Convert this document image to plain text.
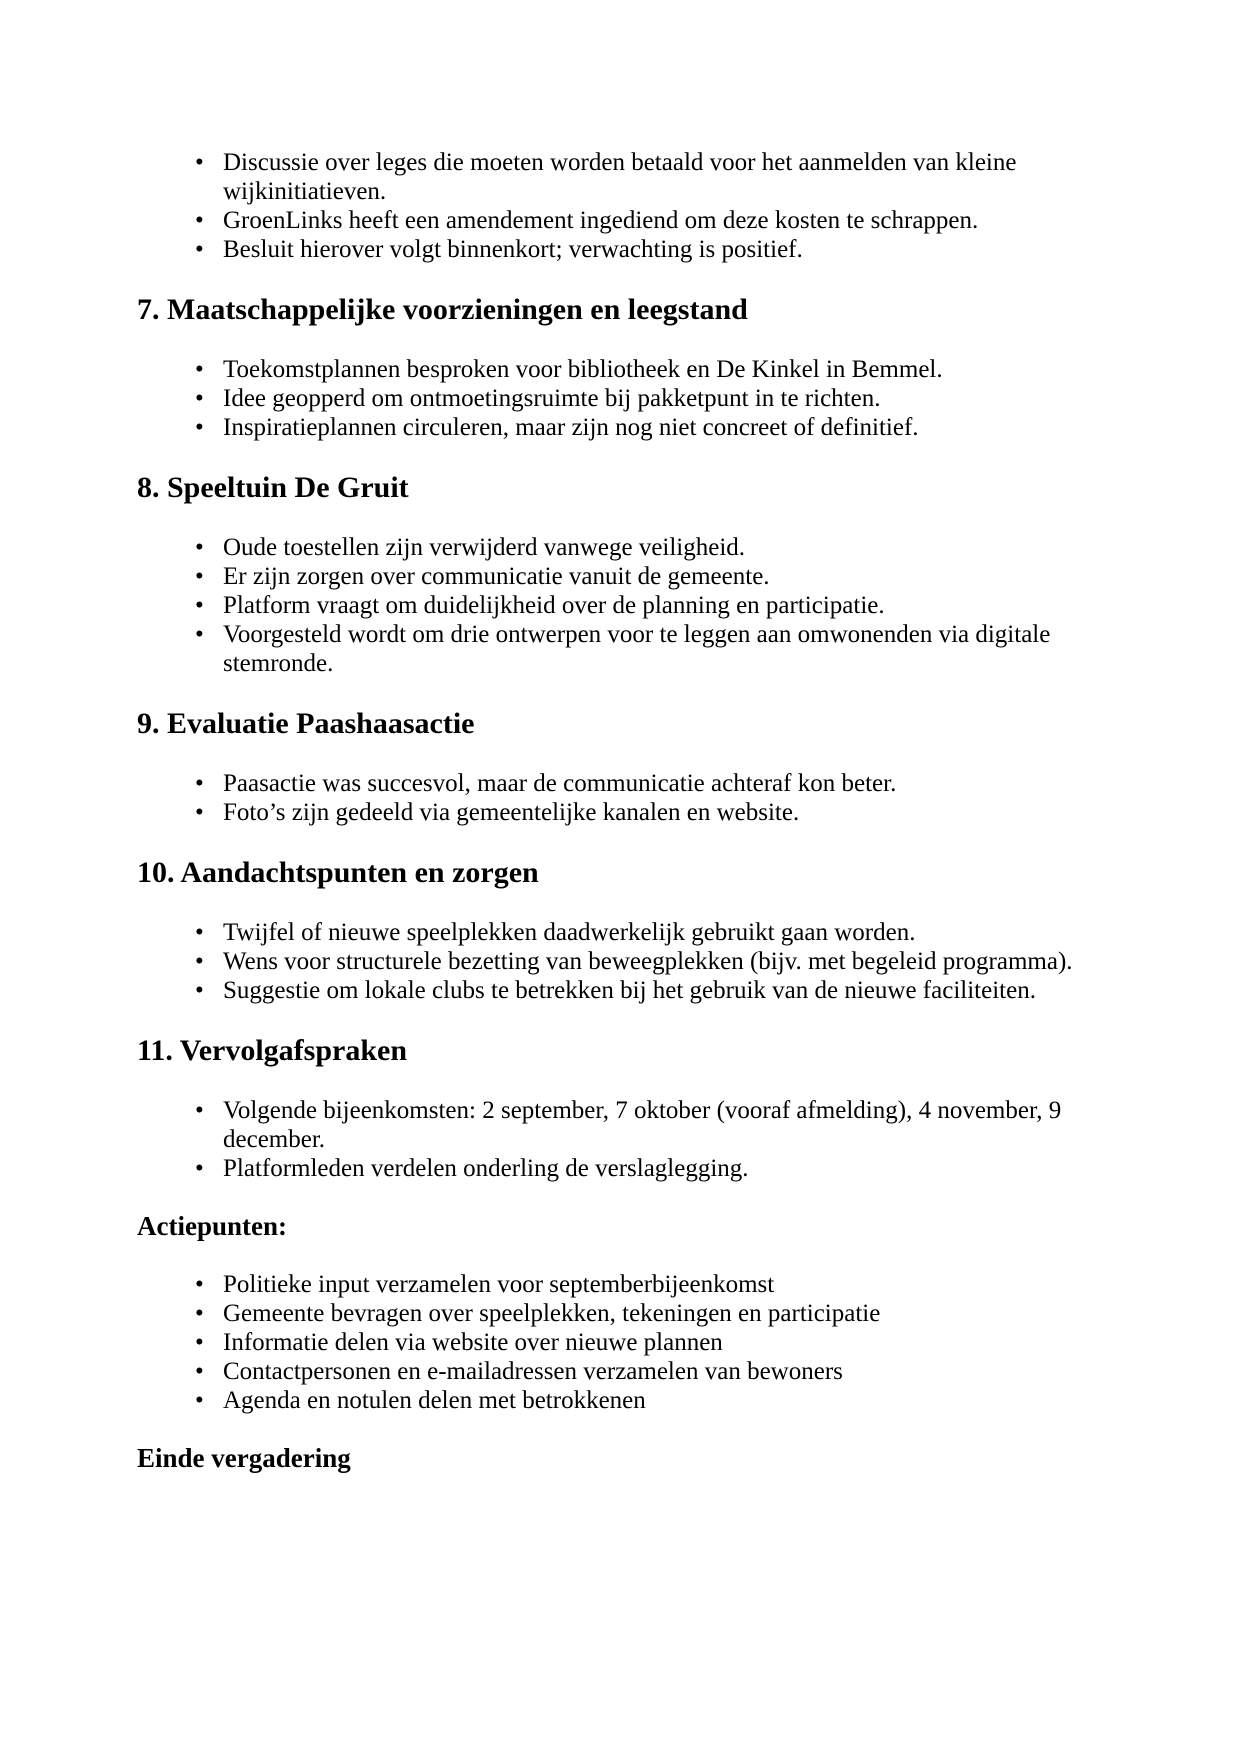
• Discussie over leges die moeten worden betaald voor het aanmelden van kleine wijkinitiatieven.
• GroenLinks heeft een amendement ingediend om deze kosten te schrappen.
• Besluit hierover volgt binnenkort; verwachting is positief.
7. Maatschappelijke voorzieningen en leegstand
• Toekomstplannen besproken voor bibliotheek en De Kinkel in Bemmel.
• Idee geopperd om ontmoetingsruimte bij pakketpunt in te richten.
• Inspiratieplannen circuleren, maar zijn nog niet concreet of definitief.
8. Speeltuin De Gruit
• Oude toestellen zijn verwijderd vanwege veiligheid.
• Er zijn zorgen over communicatie vanuit de gemeente.
• Platform vraagt om duidelijkheid over de planning en participatie.
• Voorgesteld wordt om drie ontwerpen voor te leggen aan omwonenden via digitale stemronde.
9. Evaluatie Paashaasactie
• Paasactie was succesvol, maar de communicatie achteraf kon beter.
• Foto’s zijn gedeeld via gemeentelijke kanalen en website.
10. Aandachtspunten en zorgen
• Twijfel of nieuwe speelplekken daadwerkelijk gebruikt gaan worden.
• Wens voor structurele bezetting van beweegplekken (bijv. met begeleid programma).
• Suggestie om lokale clubs te betrekken bij het gebruik van de nieuwe faciliteiten.
11. Vervolgafspraken
• Volgende bijeenkomsten: 2 september, 7 oktober (vooraf afmelding), 4 november, 9 december.
• Platformleden verdelen onderling de verslaglegging.
Actiepunten:
• Politieke input verzamelen voor septemberbijeenkomst
• Gemeente bevragen over speelplekken, tekeningen en participatie
• Informatie delen via website over nieuwe plannen
• Contactpersonen en e-mailadressen verzamelen van bewoners
• Agenda en notulen delen met betrokkenen
Einde vergadering
